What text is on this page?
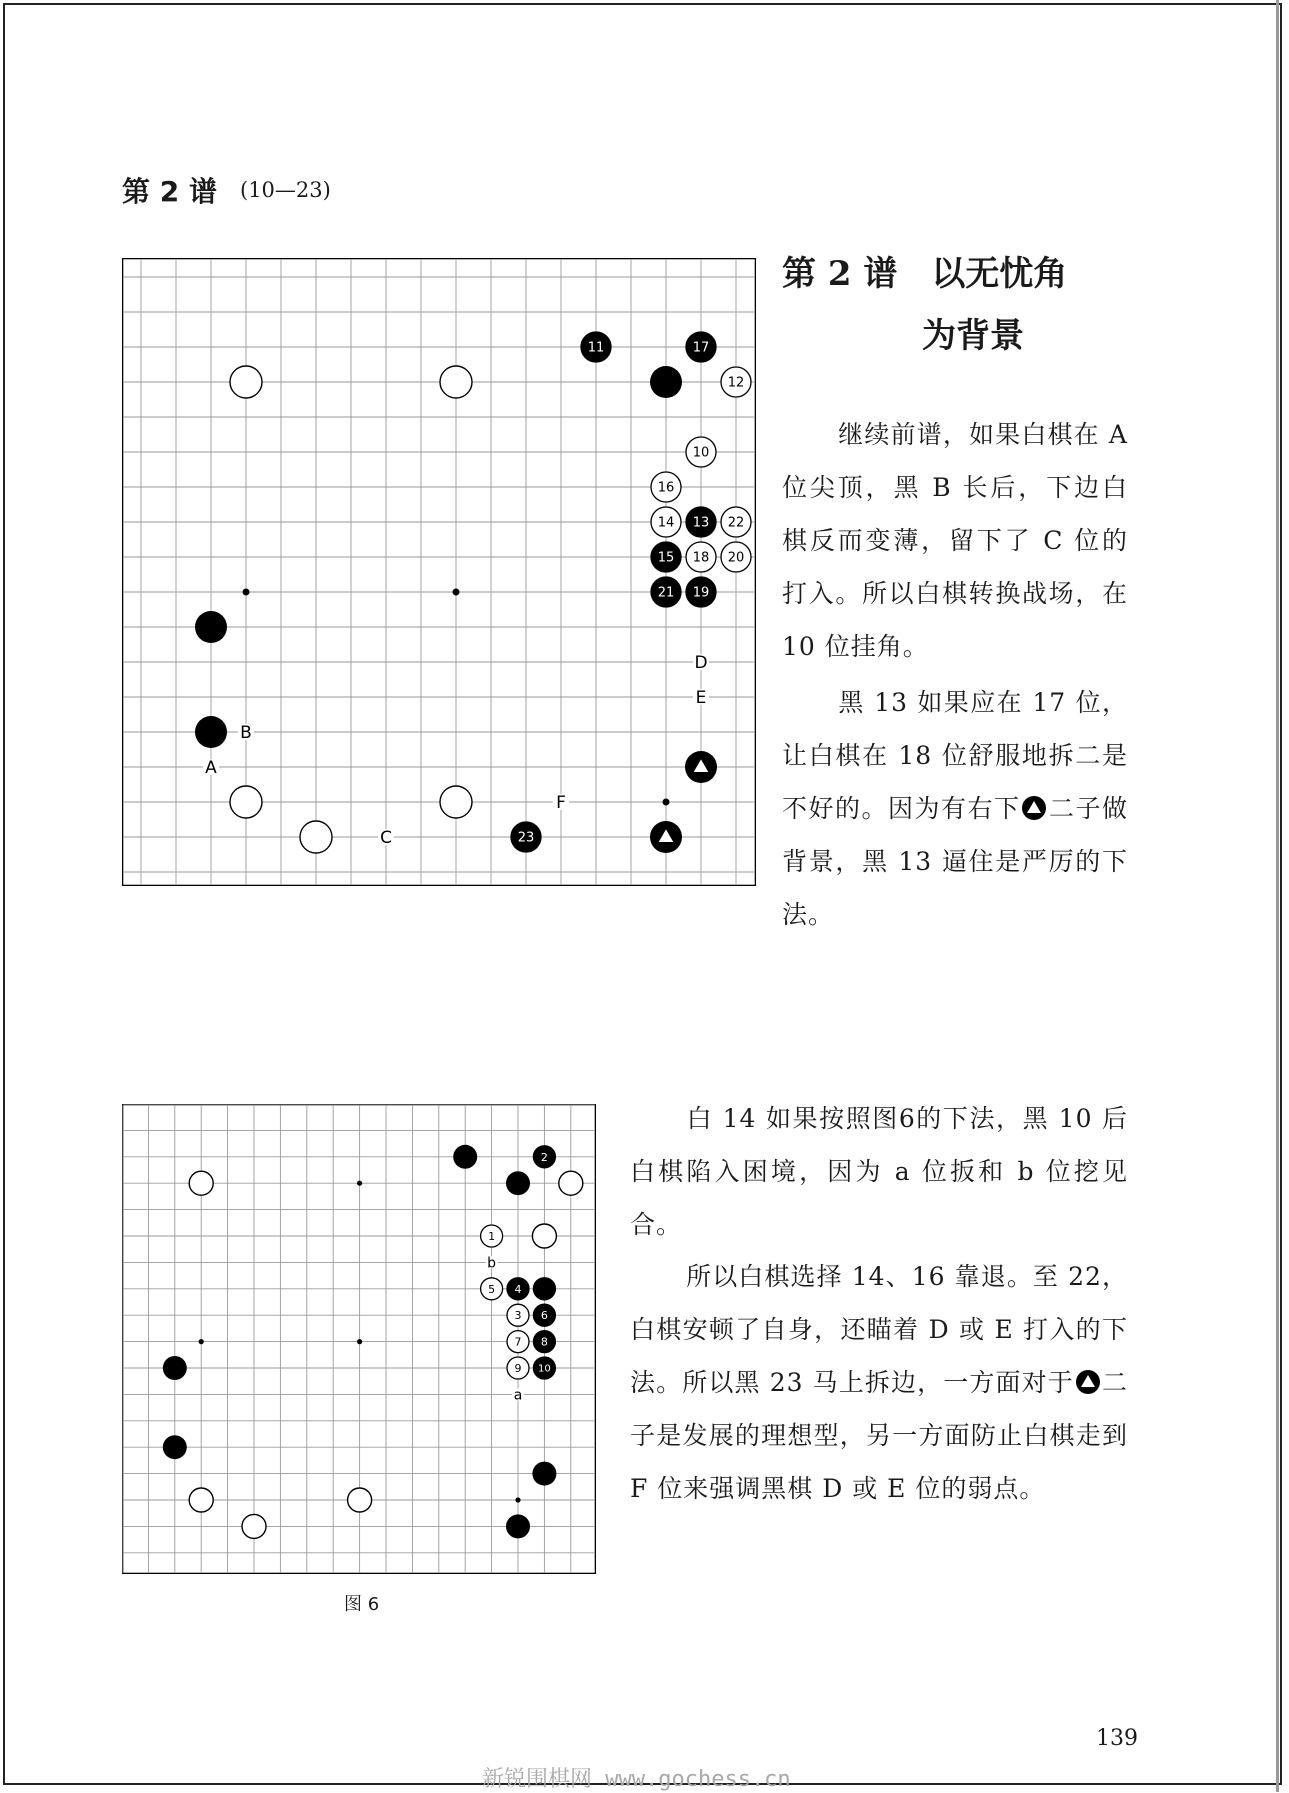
第 2 谱 (10—23)
D
E
B
A
F
C
11	17
12
10
16
14 13 22
15 18 20
21 19
23
第 2 谱　以无忧角
为背景

继续前谱，如果白棋在 A 位尖顶，黑 B 长后，下边白棋反而变薄，留下了 C 位的打入。所以白棋转换战场，在 10 位挂角。

黑 13 如果应在 17 位，让白棋在 18 位舒服地拆二是不好的。因为有右下 二子做背景，黑 13 逼住是严厉的下法。

b
a
2
1
5 4
3 6
7 8
9 10
图 6

白 14 如果按照图6的下法，黑 10 后白棋陷入困境，因为 a 位扳和 b 位挖见合。

所以白棋选择 14、16 靠退。至 22，白棋安顿了自身，还瞄着 D 或 E 打入的下法。所以黑 23 马上拆边，一方面对于 二子是发展的理想型，另一方面防止白棋走到 F 位来强调黑棋 D 或 E 位的弱点。

139
新锐围棋网 www.gochess.cn
